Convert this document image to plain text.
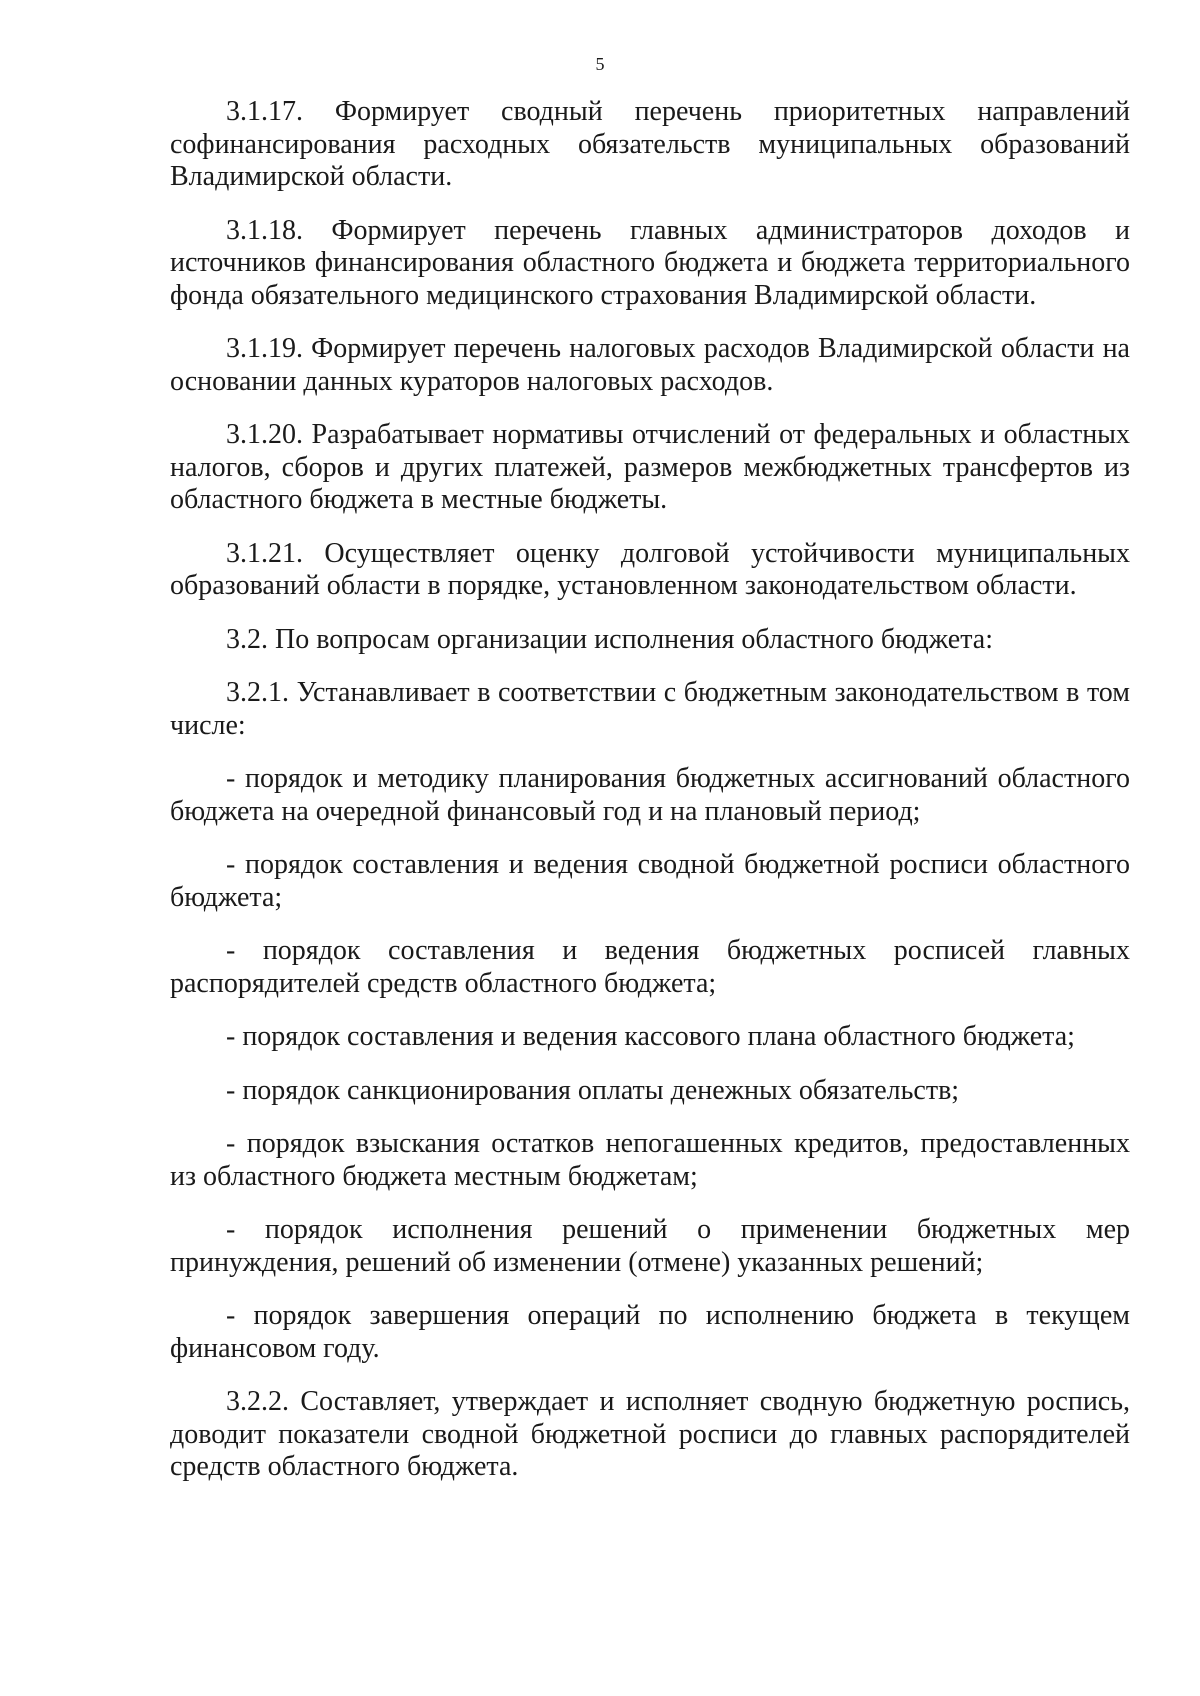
5

3.1.17. Формирует сводный перечень приоритетных направлений софинансирования расходных обязательств муниципальных образований Владимирской области.

3.1.18. Формирует перечень главных администраторов доходов и источников финансирования областного бюджета и бюджета территориального фонда обязательного медицинского страхования Владимирской области.

3.1.19. Формирует перечень налоговых расходов Владимирской области на основании данных кураторов налоговых расходов.

3.1.20. Разрабатывает нормативы отчислений от федеральных и областных налогов, сборов и других платежей, размеров межбюджетных трансфертов из областного бюджета в местные бюджеты.

3.1.21. Осуществляет оценку долговой устойчивости муниципальных образований области в порядке, установленном законодательством области.

3.2. По вопросам организации исполнения областного бюджета:

3.2.1. Устанавливает в соответствии с бюджетным законодательством в том числе:

- порядок и методику планирования бюджетных ассигнований областного бюджета на очередной финансовый год и на плановый период;

- порядок составления и ведения сводной бюджетной росписи областного бюджета;

- порядок составления и ведения бюджетных росписей главных распорядителей средств областного бюджета;

- порядок составления и ведения кассового плана областного бюджета;

- порядок санкционирования оплаты денежных обязательств;

- порядок взыскания остатков непогашенных кредитов, предоставленных из областного бюджета местным бюджетам;

- порядок исполнения решений о применении бюджетных мер принуждения, решений об изменении (отмене) указанных решений;

- порядок завершения операций по исполнению бюджета в текущем финансовом году.

3.2.2. Составляет, утверждает и исполняет сводную бюджетную роспись, доводит показатели сводной бюджетной росписи до главных распорядителей средств областного бюджета.
